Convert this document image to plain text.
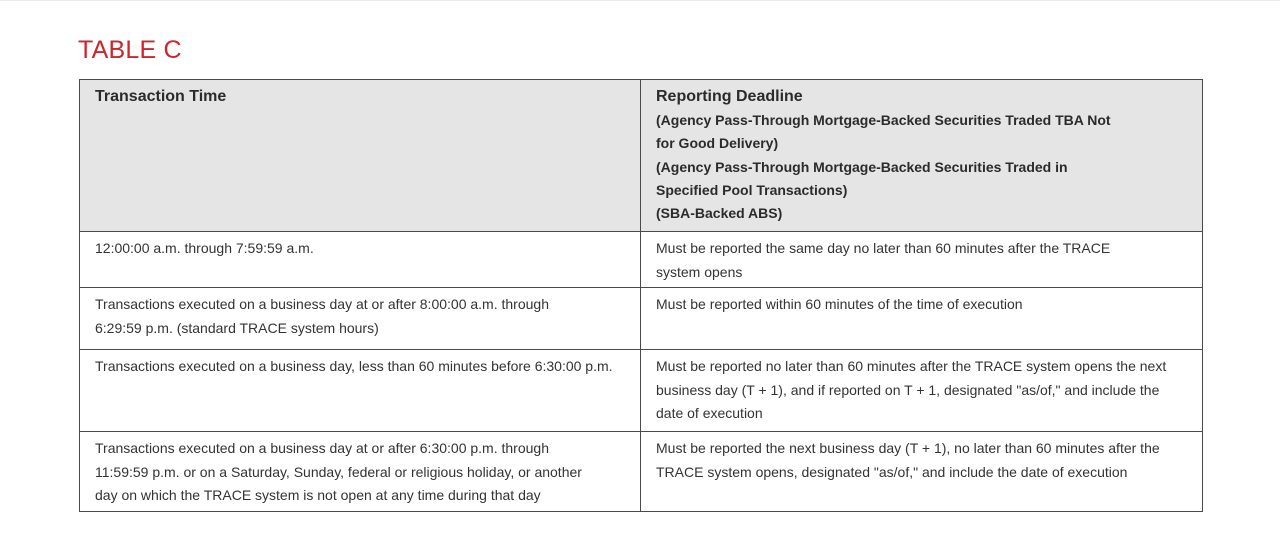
TABLE C
Transaction Time	Reporting Deadline
(Agency Pass-Through Mortgage-Backed Securities Traded TBA Not for Good Delivery)
(Agency Pass-Through Mortgage-Backed Securities Traded in Specified Pool Transactions)
(SBA-Backed ABS)

12:00:00 a.m. through 7:59:59 a.m.	Must be reported the same day no later than 60 minutes after the TRACE system opens

Transactions executed on a business day at or after 8:00:00 a.m. through 6:29:59 p.m. (standard TRACE system hours)	Must be reported within 60 minutes of the time of execution

Transactions executed on a business day, less than 60 minutes before 6:30:00 p.m.	Must be reported no later than 60 minutes after the TRACE system opens the next business day (T + 1), and if reported on T + 1, designated "as/of," and include the date of execution

Transactions executed on a business day at or after 6:30:00 p.m. through 11:59:59 p.m. or on a Saturday, Sunday, federal or religious holiday, or another day on which the TRACE system is not open at any time during that day	Must be reported the next business day (T + 1), no later than 60 minutes after the TRACE system opens, designated "as/of," and include the date of execution
